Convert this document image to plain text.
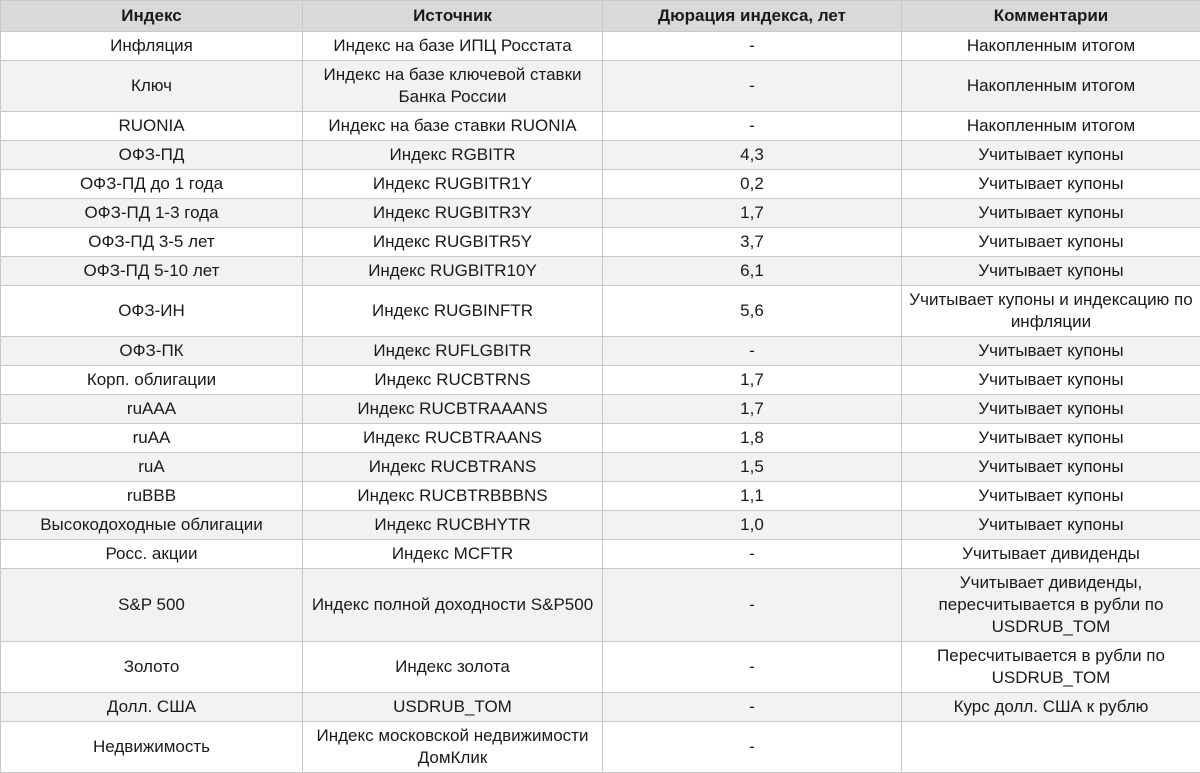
Индекс	Источник	Дюрация индекса, лет	Комментарии
Инфляция	Индекс на базе ИПЦ Росстата	-	Накопленным итогом
Ключ	Индекс на базе ключевой ставки Банка России	-	Накопленным итогом
RUONIA	Индекс на базе ставки RUONIA	-	Накопленным итогом
ОФЗ-ПД	Индекс RGBITR	4,3	Учитывает купоны
ОФЗ-ПД до 1 года	Индекс RUGBITR1Y	0,2	Учитывает купоны
ОФЗ-ПД 1-3 года	Индекс RUGBITR3Y	1,7	Учитывает купоны
ОФЗ-ПД 3-5 лет	Индекс RUGBITR5Y	3,7	Учитывает купоны
ОФЗ-ПД 5-10 лет	Индекс RUGBITR10Y	6,1	Учитывает купоны
ОФЗ-ИН	Индекс RUGBINFTR	5,6	Учитывает купоны и индексацию по инфляции
ОФЗ-ПК	Индекс RUFLGBITR	-	Учитывает купоны
Корп. облигации	Индекс RUCBTRNS	1,7	Учитывает купоны
ruAAA	Индекс RUCBTRAAANS	1,7	Учитывает купоны
ruAA	Индекс RUCBTRAANS	1,8	Учитывает купоны
ruA	Индекс RUCBTRANS	1,5	Учитывает купоны
ruBBB	Индекс RUCBTRBBBNS	1,1	Учитывает купоны
Высокодоходные облигации	Индекс RUCBHYTR	1,0	Учитывает купоны
Росс. акции	Индекс MCFTR	-	Учитывает дивиденды
S&P 500	Индекс полной доходности S&P500	-	Учитывает дивиденды, пересчитывается в рубли по USDRUB_TOM
Золото	Индекс золота	-	Пересчитывается в рубли по USDRUB_TOM
Долл. США	USDRUB_TOM	-	Курс долл. США к рублю
Недвижимость	Индекс московской недвижимости ДомКлик	-	
